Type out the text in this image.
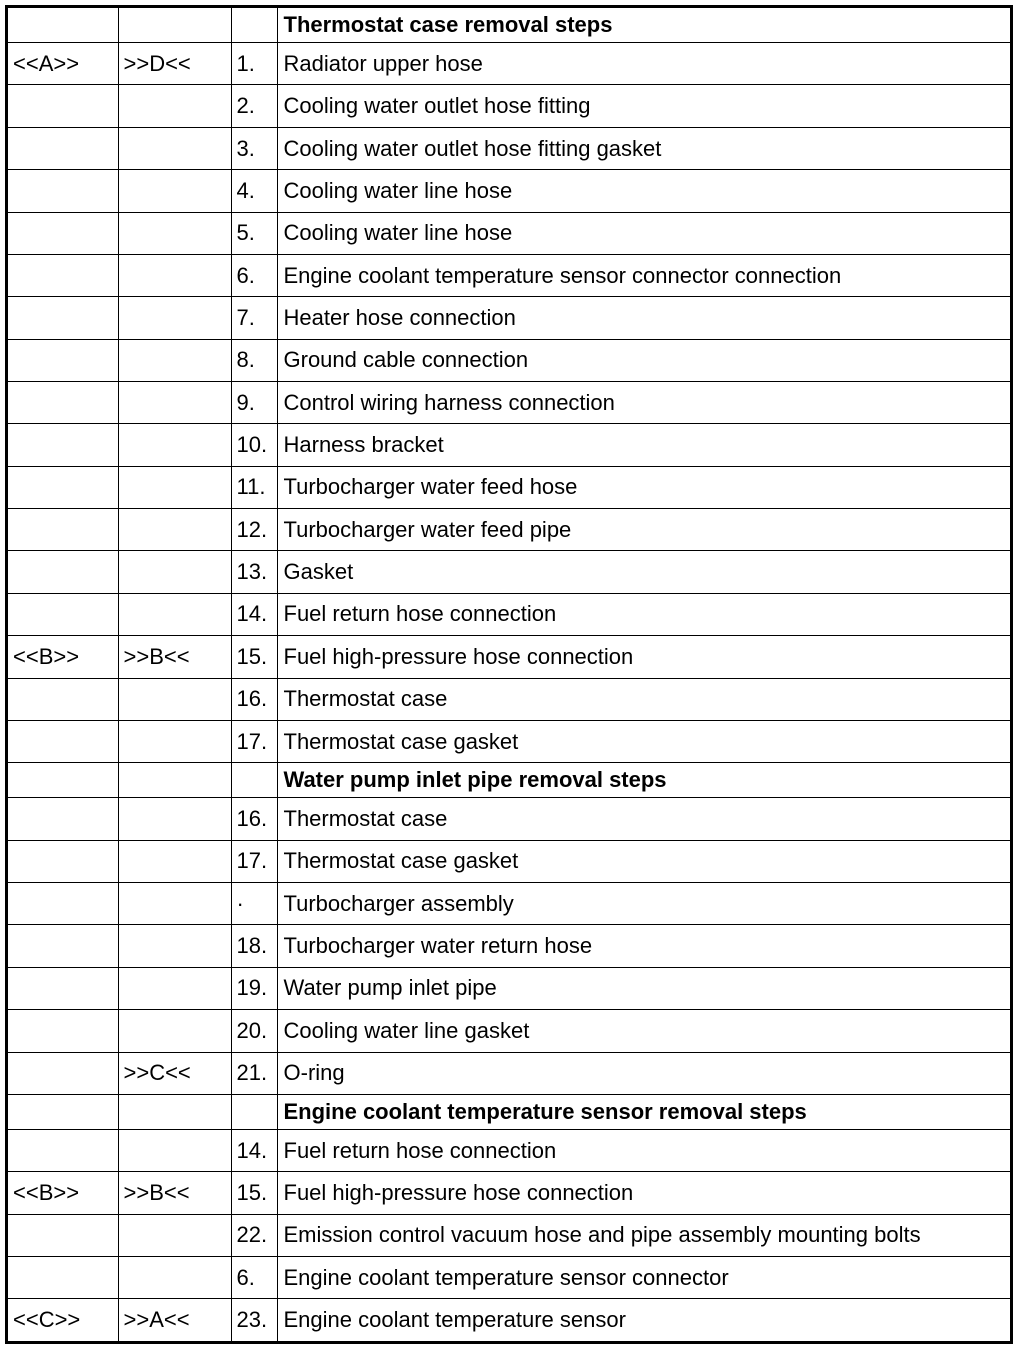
			Thermostat case removal steps
<<A>>	>>D<<	1.	Radiator upper hose
		2.	Cooling water outlet hose fitting
		3.	Cooling water outlet hose fitting gasket
		4.	Cooling water line hose
		5.	Cooling water line hose
		6.	Engine coolant temperature sensor connector connection
		7.	Heater hose connection
		8.	Ground cable connection
		9.	Control wiring harness connection
		10.	Harness bracket
		11.	Turbocharger water feed hose
		12.	Turbocharger water feed pipe
		13.	Gasket
		14.	Fuel return hose connection
<<B>>	>>B<<	15.	Fuel high-pressure hose connection
		16.	Thermostat case
		17.	Thermostat case gasket
			Water pump inlet pipe removal steps
		16.	Thermostat case
		17.	Thermostat case gasket
		·	Turbocharger assembly
		18.	Turbocharger water return hose
		19.	Water pump inlet pipe
		20.	Cooling water line gasket
	>>C<<	21.	O-ring
			Engine coolant temperature sensor removal steps
		14.	Fuel return hose connection
<<B>>	>>B<<	15.	Fuel high-pressure hose connection
		22.	Emission control vacuum hose and pipe assembly mounting bolts
		6.	Engine coolant temperature sensor connector
<<C>>	>>A<<	23.	Engine coolant temperature sensor
